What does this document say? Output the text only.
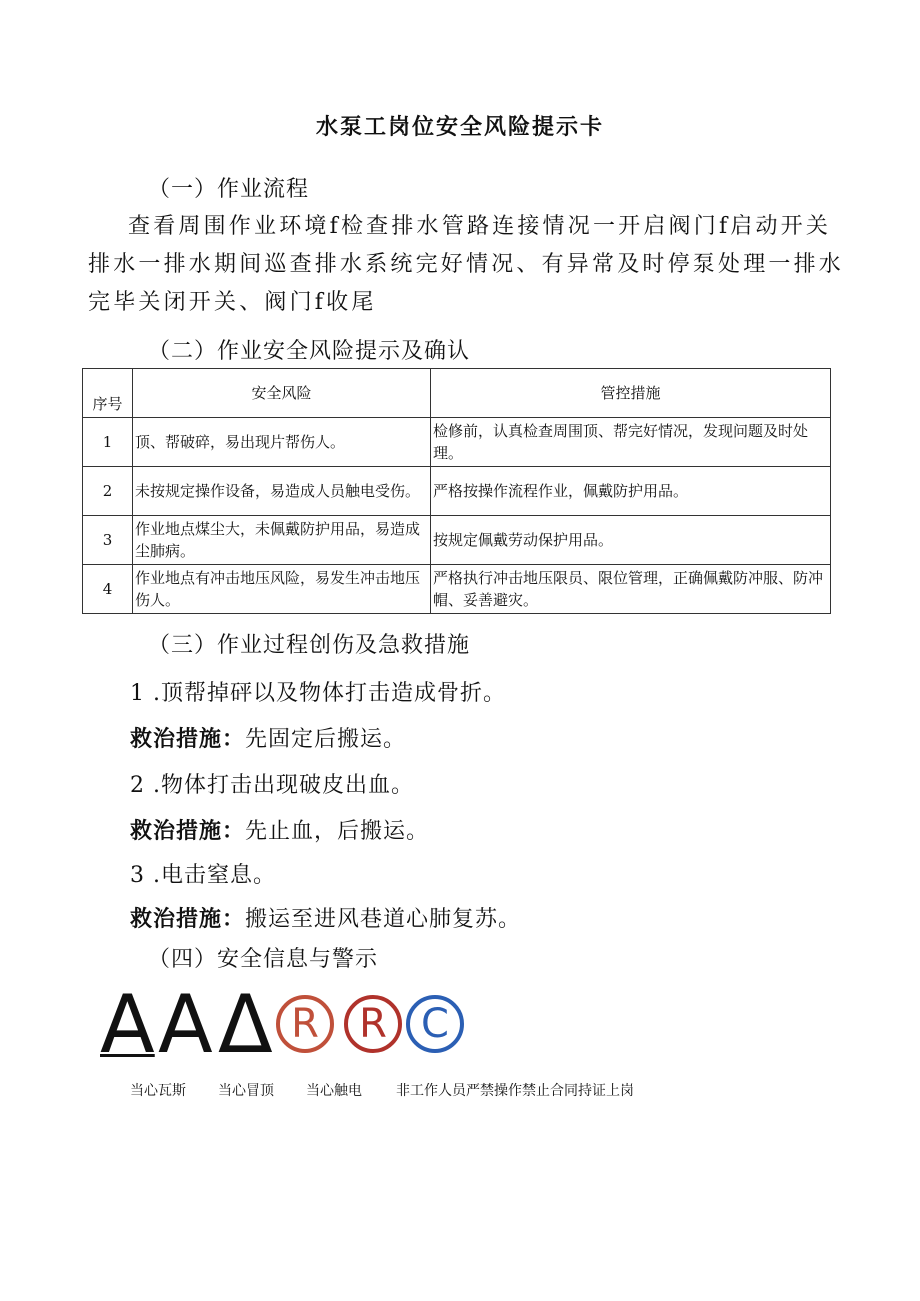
水泵工岗位安全风险提示卡
（一）作业流程
查看周围作业环境f检查排水管路连接情况一开启阀门f启动开关排水一排水期间巡查排水系统完好情况、有异常及时停泵处理一排水完毕关闭开关、阀门f收尾
（二）作业安全风险提示及确认
序号	安全风险	管控措施
1	顶、帮破碎，易出现片帮伤人。	检修前，认真检查周围顶、帮完好情况，发现问题及时处理。
2	未按规定操作设备，易造成人员触电受伤。	严格按操作流程作业，佩戴防护用品。
3	作业地点煤尘大，未佩戴防护用品，易造成尘肺病。	按规定佩戴劳动保护用品。
4	作业地点有冲击地压风险，易发生冲击地压伤人。	严格执行冲击地压限员、限位管理，正确佩戴防冲服、防冲帽、妥善避灾。
（三）作业过程创伤及急救措施
1 .顶帮掉砰以及物体打击造成骨折。
救治措施：先固定后搬运。
2 .物体打击出现破皮出血。
救治措施：先止血，后搬运。
3 .电击窒息。
救治措施：搬运至进风巷道心肺复苏。
（四）安全信息与警示
A A Δ R	R C
当心瓦斯 当心冒顶 当心触电 非工作人员严禁操作禁止合同持证上岗
